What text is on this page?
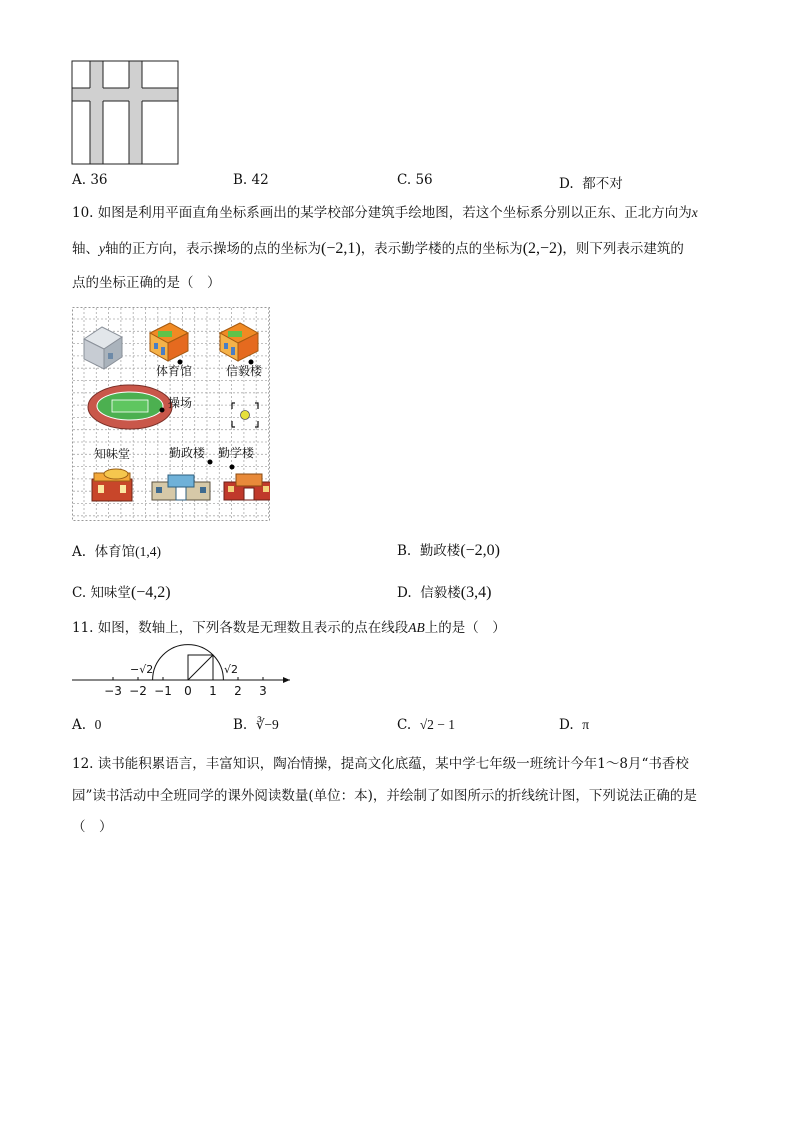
A. 36	B. 42	C. 56	D. 都不对
10. 如图是利用平面直角坐标系画出的某学校部分建筑手绘地图，若这个坐标系分别以正东、正北方向为x
轴、y轴的正方向，表示操场的点的坐标为(−2,1)，表示勤学楼的点的坐标为(2,−2)，则下列表示建筑的
点的坐标正确的是（　）
体育馆	信毅楼
操场
知味堂	勤政楼 勤学楼
A. 体育馆(1,4)	B. 勤政楼(−2,0)
C. 知味堂(−4,2)	D. 信毅楼(3,4)
11. 如图，数轴上，下列各数是无理数且表示的点在线段AB上的是（　）
−3 −2 −1 0 1 2 3
−√2	√2
A. 0	B. ∛−9	C. √2 − 1	D. π
12. 读书能积累语言，丰富知识，陶冶情操，提高文化底蕴，某中学七年级一班统计今年1～8月“书香校
园”读书活动中全班同学的课外阅读数量(单位：本)，并绘制了如图所示的折线统计图，下列说法正确的是
（　）
